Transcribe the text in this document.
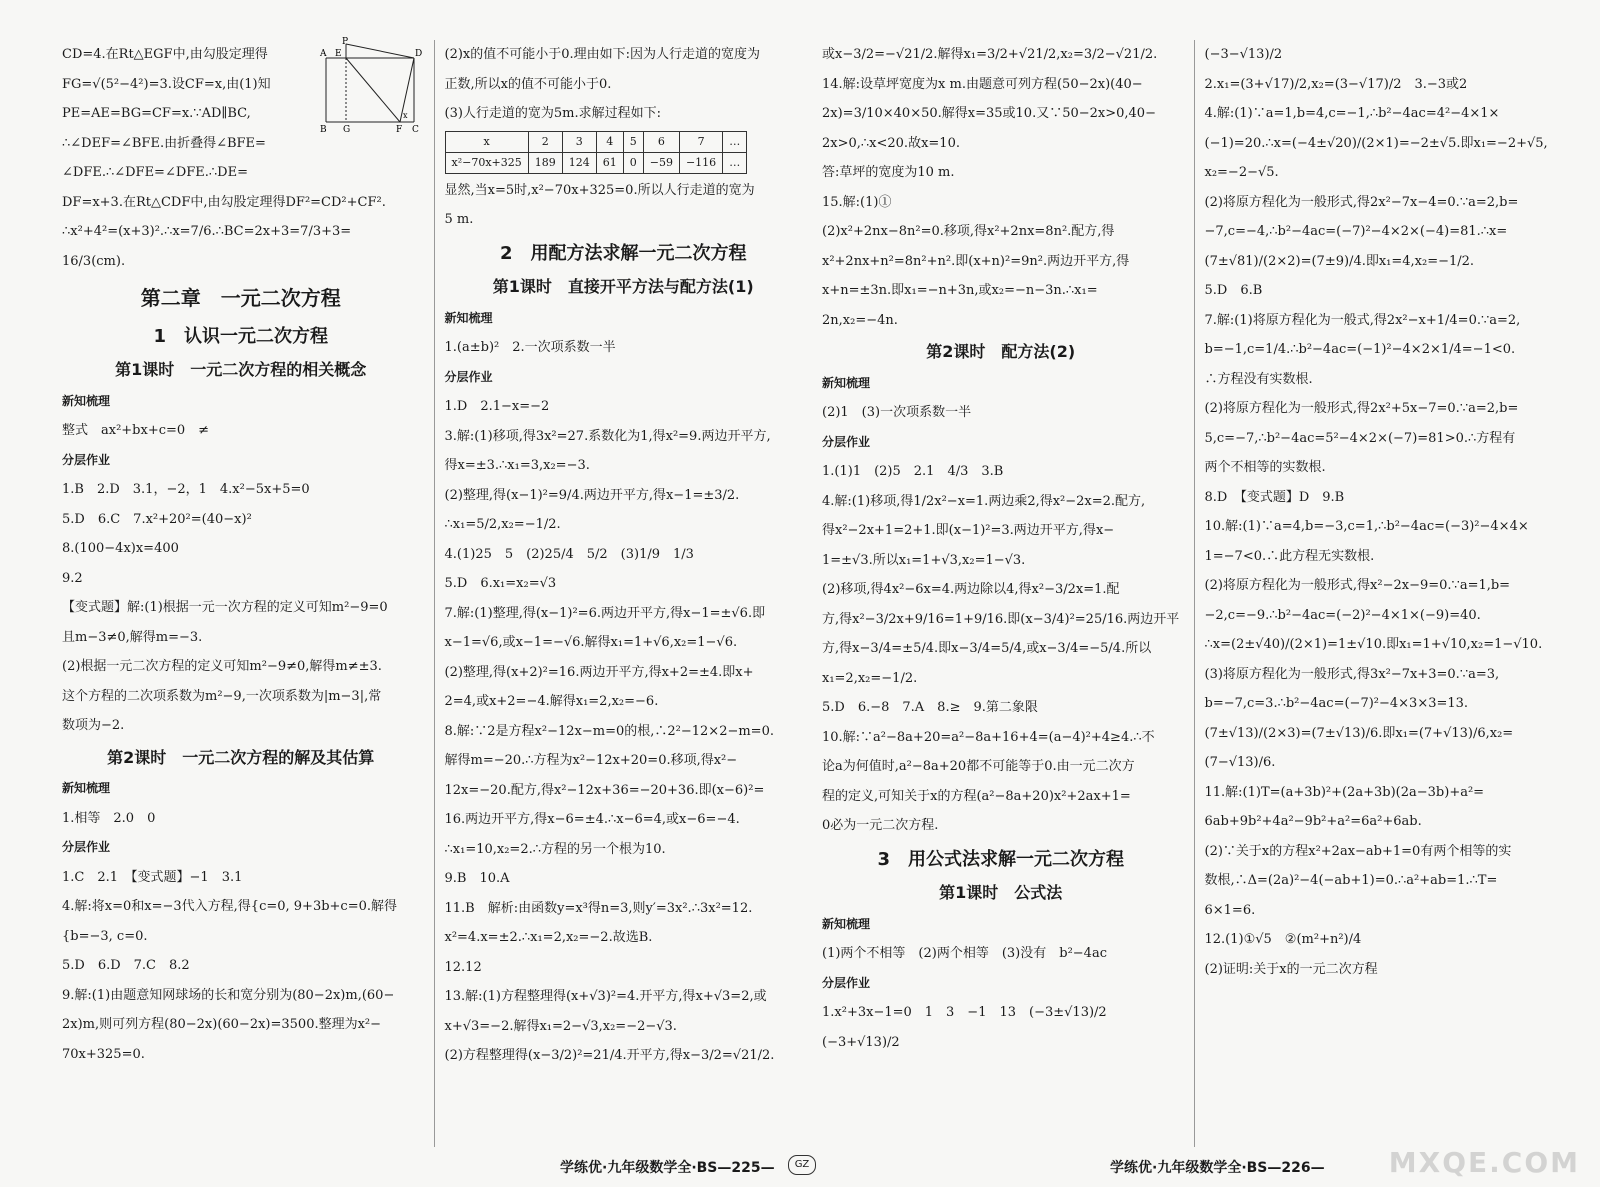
P
A E	D
B G	F C
x
CD=4.在Rt△EGF中,由勾股定理得
FG=√(5²−4²)=3.设CF=x,由(1)知
PE=AE=BG=CF=x.∵AD∥BC,
∴∠DEF=∠BFE.由折叠得∠BFE=
∠DFE.∴∠DFE=∠DFE.∴DE=
DF=x+3.在Rt△CDF中,由勾股定理得DF²=CD²+CF².
∴x²+4²=(x+3)².∴x=7/6.∴BC=2x+3=7/3+3=
16/3(cm).
第二章　一元二次方程
1　认识一元二次方程
第1课时　一元二次方程的相关概念
新知梳理
整式　ax²+bx+c=0　≠
分层作业
1.B　2.D　3.1，−2，1　4.x²−5x+5=0
5.D　6.C　7.x²+20²=(40−x)²
8.(100−4x)x=400
9.2
【变式题】解:(1)根据一元一次方程的定义可知m²−9=0
且m−3≠0,解得m=−3.
(2)根据一元二次方程的定义可知m²−9≠0,解得m≠±3.
这个方程的二次项系数为m²−9,一次项系数为|m−3|,常
数项为−2.
第2课时　一元二次方程的解及其估算
新知梳理
1.相等　2.0　0
分层作业
1.C　2.1　【变式题】−1　3.1
4.解:将x=0和x=−3代入方程,得{c=0, 9+3b+c=0.解得
{b=−3, c=0.
5.D　6.D　7.C　8.2
9.解:(1)由题意知网球场的长和宽分别为(80−2x)m,(60−
2x)m,则可列方程(80−2x)(60−2x)=3500.整理为x²−
70x+325=0.
(2)x的值不可能小于0.理由如下:因为人行走道的宽度为
正数,所以x的值不可能小于0.
(3)人行走道的宽为5m.求解过程如下:
x	2	3	4	5	6	7	…
x²−70x+325	189	124	61	0	−59	−116	…
显然,当x=5时,x²−70x+325=0.所以人行走道的宽为
5 m.
2　用配方法求解一元二次方程
第1课时　直接开平方法与配方法(1)
新知梳理
1.(a±b)²　2.一次项系数一半
分层作业
1.D　2.1−x=−2
3.解:(1)移项,得3x²=27.系数化为1,得x²=9.两边开平方,
得x=±3.∴x₁=3,x₂=−3.
(2)整理,得(x−1)²=9/4.两边开平方,得x−1=±3/2.
∴x₁=5/2,x₂=−1/2.
4.(1)25　5　(2)25/4　5/2　(3)1/9　1/3
5.D　6.x₁=x₂=√3
7.解:(1)整理,得(x−1)²=6.两边开平方,得x−1=±√6.即
x−1=√6,或x−1=−√6.解得x₁=1+√6,x₂=1−√6.
(2)整理,得(x+2)²=16.两边开平方,得x+2=±4.即x+
2=4,或x+2=−4.解得x₁=2,x₂=−6.
8.解:∵2是方程x²−12x−m=0的根,∴2²−12×2−m=0.
解得m=−20.∴方程为x²−12x+20=0.移项,得x²−
12x=−20.配方,得x²−12x+36=−20+36.即(x−6)²=
16.两边开平方,得x−6=±4.∴x−6=4,或x−6=−4.
∴x₁=10,x₂=2.∴方程的另一个根为10.
9.B　10.A
11.B　解析:由函数y=x³得n=3,则y′=3x².∴3x²=12.
x²=4.x=±2.∴x₁=2,x₂=−2.故选B.
12.12
13.解:(1)方程整理得(x+√3)²=4.开平方,得x+√3=2,或
x+√3=−2.解得x₁=2−√3,x₂=−2−√3.
(2)方程整理得(x−3/2)²=21/4.开平方,得x−3/2=√21/2.
或x−3/2=−√21/2.解得x₁=3/2+√21/2,x₂=3/2−√21/2.
14.解:设草坪宽度为x m.由题意可列方程(50−2x)(40−
2x)=3/10×40×50.解得x=35或10.又∵50−2x>0,40−
2x>0,∴x<20.故x=10.
答:草坪的宽度为10 m.
15.解:(1)①
(2)x²+2nx−8n²=0.移项,得x²+2nx=8n².配方,得
x²+2nx+n²=8n²+n².即(x+n)²=9n².两边开平方,得
x+n=±3n.即x₁=−n+3n,或x₂=−n−3n.∴x₁=
2n,x₂=−4n.
第2课时　配方法(2)
新知梳理
(2)1　(3)一次项系数一半
分层作业
1.(1)1　(2)5　2.1　4/3　3.B
4.解:(1)移项,得1/2x²−x=1.两边乘2,得x²−2x=2.配方,
得x²−2x+1=2+1.即(x−1)²=3.两边开平方,得x−
1=±√3.所以x₁=1+√3,x₂=1−√3.
(2)移项,得4x²−6x=4.两边除以4,得x²−3/2x=1.配
方,得x²−3/2x+9/16=1+9/16.即(x−3/4)²=25/16.两边开平
方,得x−3/4=±5/4.即x−3/4=5/4,或x−3/4=−5/4.所以
x₁=2,x₂=−1/2.
5.D　6.−8　7.A　8.≥　9.第二象限
10.解:∵a²−8a+20=a²−8a+16+4=(a−4)²+4≥4.∴不
论a为何值时,a²−8a+20都不可能等于0.由一元二次方
程的定义,可知关于x的方程(a²−8a+20)x²+2ax+1=
0必为一元二次方程.
3　用公式法求解一元二次方程
第1课时　公式法
新知梳理
(1)两个不相等　(2)两个相等　(3)没有　b²−4ac
分层作业
1.x²+3x−1=0　1　3　−1　13　(−3±√13)/2　(−3+√13)/2
(−3−√13)/2
2.x₁=(3+√17)/2,x₂=(3−√17)/2　3.−3或2
4.解:(1)∵a=1,b=4,c=−1,∴b²−4ac=4²−4×1×
(−1)=20.∴x=(−4±√20)/(2×1)=−2±√5.即x₁=−2+√5,
x₂=−2−√5.
(2)将原方程化为一般形式,得2x²−7x−4=0.∵a=2,b=
−7,c=−4,∴b²−4ac=(−7)²−4×2×(−4)=81.∴x=
(7±√81)/(2×2)=(7±9)/4.即x₁=4,x₂=−1/2.
5.D　6.B
7.解:(1)将原方程化为一般式,得2x²−x+1/4=0.∵a=2,
b=−1,c=1/4.∴b²−4ac=(−1)²−4×2×1/4=−1<0.
∴方程没有实数根.
(2)将原方程化为一般形式,得2x²+5x−7=0.∵a=2,b=
5,c=−7,∴b²−4ac=5²−4×2×(−7)=81>0.∴方程有
两个不相等的实数根.
8.D　【变式题】D　9.B
10.解:(1)∵a=4,b=−3,c=1,∴b²−4ac=(−3)²−4×4×
1=−7<0.∴此方程无实数根.
(2)将原方程化为一般形式,得x²−2x−9=0.∵a=1,b=
−2,c=−9.∴b²−4ac=(−2)²−4×1×(−9)=40.
∴x=(2±√40)/(2×1)=1±√10.即x₁=1+√10,x₂=1−√10.
(3)将原方程化为一般形式,得3x²−7x+3=0.∵a=3,
b=−7,c=3.∴b²−4ac=(−7)²−4×3×3=13.
(7±√13)/(2×3)=(7±√13)/6.即x₁=(7+√13)/6,x₂=(7−√13)/6.
11.解:(1)T=(a+3b)²+(2a+3b)(2a−3b)+a²=
6ab+9b²+4a²−9b²+a²=6a²+6ab.
(2)∵关于x的方程x²+2ax−ab+1=0有两个相等的实
数根,∴Δ=(2a)²−4(−ab+1)=0.∴a²+ab=1.∴T=
6×1=6.
12.(1)①√5　②(m²+n²)/4
(2)证明:关于x的一元二次方程
学练优·九年级数学全·BS—225—	GZ	学练优·九年级数学全·BS—226— MXQE.COM
